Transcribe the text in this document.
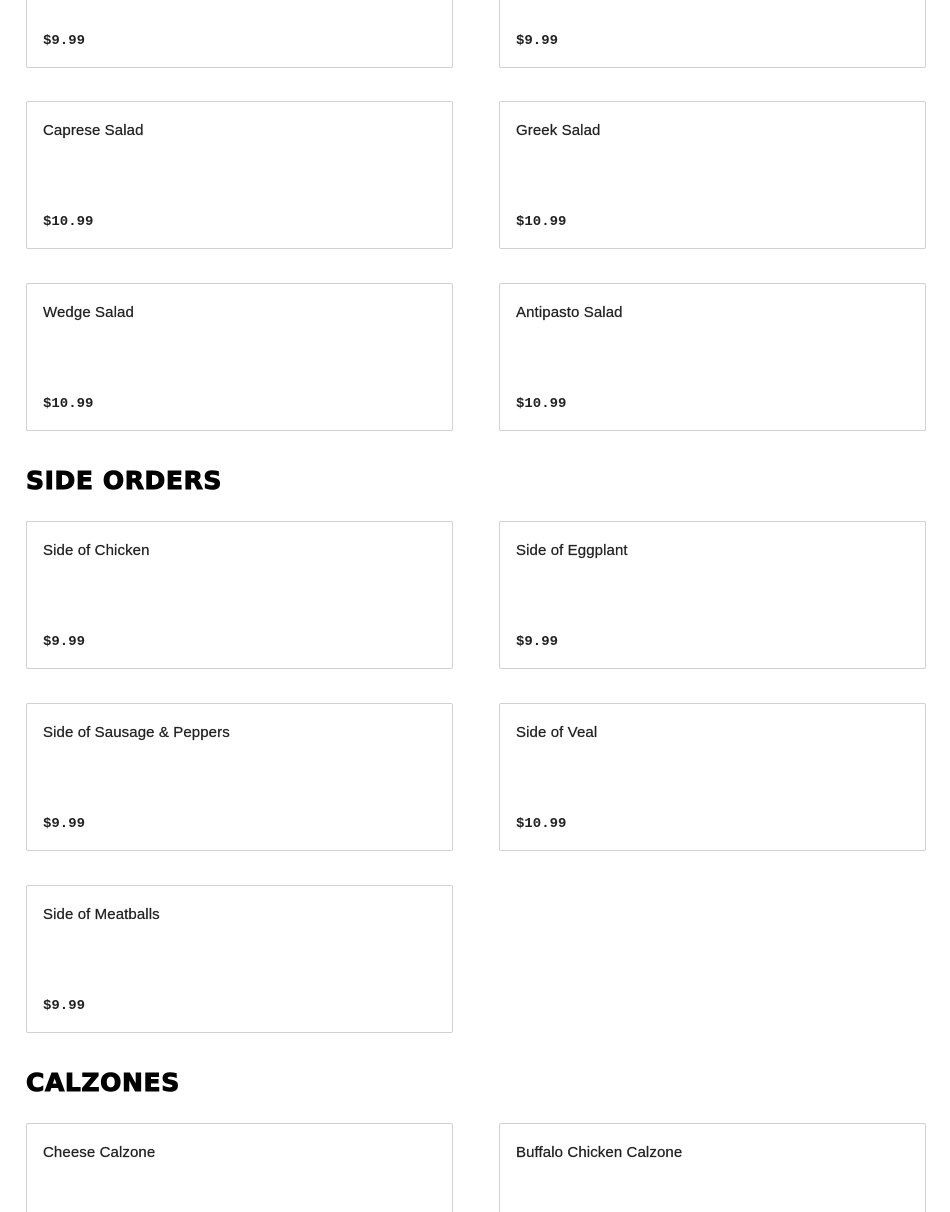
$9.99	$9.99
Caprese Salad
$10.99
Greek Salad
$10.99
Wedge Salad
$10.99
Antipasto Salad
$10.99
SIDE ORDERS
Side of Chicken
$9.99
Side of Eggplant
$9.99
Side of Sausage & Peppers
$9.99
Side of Veal
$10.99
Side of Meatballs
$9.99
CALZONES
Cheese Calzone	Buffalo Chicken Calzone
